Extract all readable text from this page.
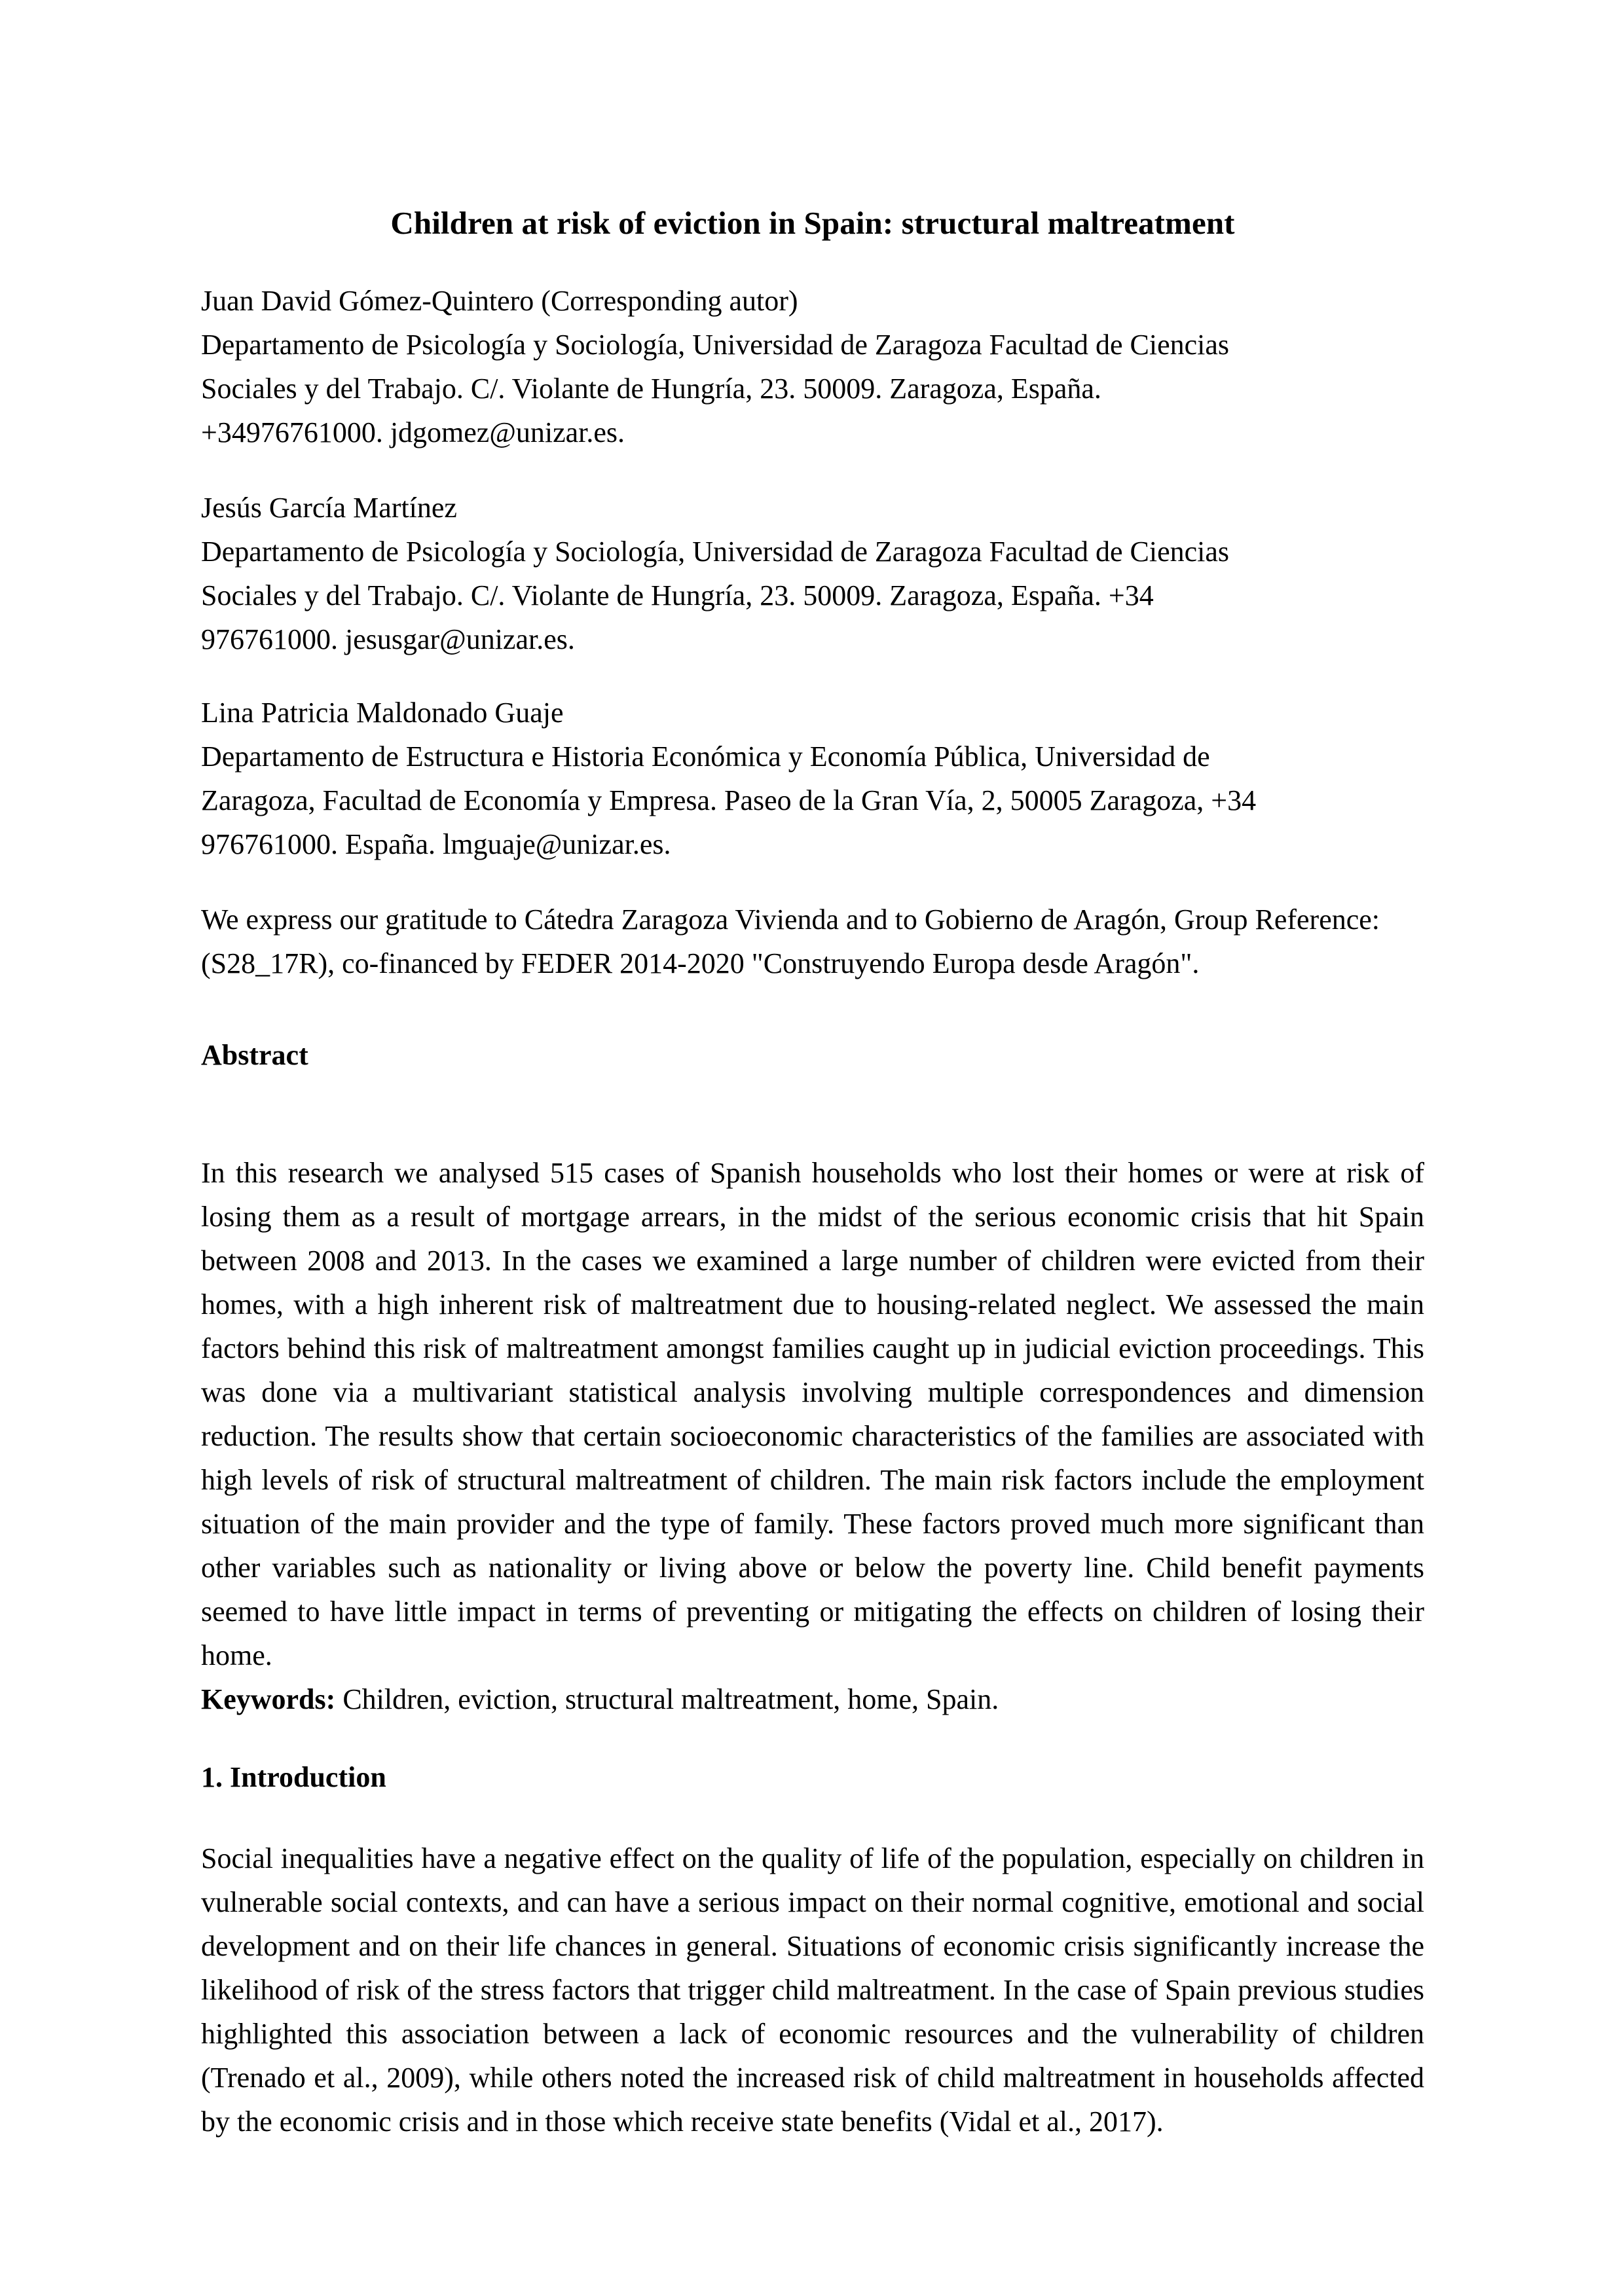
Children at risk of eviction in Spain: structural maltreatment
Juan David Gómez-Quintero (Corresponding autor)
Departamento de Psicología y Sociología, Universidad de Zaragoza Facultad de Ciencias
Sociales y del Trabajo. C/. Violante de Hungría, 23. 50009. Zaragoza, España.
+34976761000. jdgomez@unizar.es.
Jesús García Martínez
Departamento de Psicología y Sociología, Universidad de Zaragoza Facultad de Ciencias
Sociales y del Trabajo. C/. Violante de Hungría, 23. 50009. Zaragoza, España. +34
976761000. jesusgar@unizar.es.
Lina Patricia Maldonado Guaje
Departamento de Estructura e Historia Económica y Economía Pública, Universidad de
Zaragoza, Facultad de Economía y Empresa. Paseo de la Gran Vía, 2, 50005 Zaragoza, +34
976761000. España. lmguaje@unizar.es.

We express our gratitude to Cátedra Zaragoza Vivienda and to Gobierno de Aragón, Group Reference: (S28_17R), co-financed by FEDER 2014-2020 "Construyendo Europa desde Aragón".

Abstract

In this research we analysed 515 cases of Spanish households who lost their homes or were at risk of losing them as a result of mortgage arrears, in the midst of the serious economic crisis that hit Spain between 2008 and 2013. In the cases we examined a large number of children were evicted from their homes, with a high inherent risk of maltreatment due to housing-related neglect. We assessed the main factors behind this risk of maltreatment amongst families caught up in judicial eviction proceedings. This was done via a multivariant statistical analysis involving multiple correspondences and dimension reduction. The results show that certain socioeconomic characteristics of the families are associated with high levels of risk of structural maltreatment of children. The main risk factors include the employment situation of the main provider and the type of family. These factors proved much more significant than other variables such as nationality or living above or below the poverty line. Child benefit payments seemed to have little impact in terms of preventing or mitigating the effects on children of losing their home.

Keywords: Children, eviction, structural maltreatment, home, Spain.

1. Introduction

Social inequalities have a negative effect on the quality of life of the population, especially on children in vulnerable social contexts, and can have a serious impact on their normal cognitive, emotional and social development and on their life chances in general. Situations of economic crisis significantly increase the likelihood of risk of the stress factors that trigger child maltreatment. In the case of Spain previous studies highlighted this association between a lack of economic resources and the vulnerability of children (Trenado et al., 2009), while others noted the increased risk of child maltreatment in households affected by the economic crisis and in those which receive state benefits (Vidal et al., 2017).
